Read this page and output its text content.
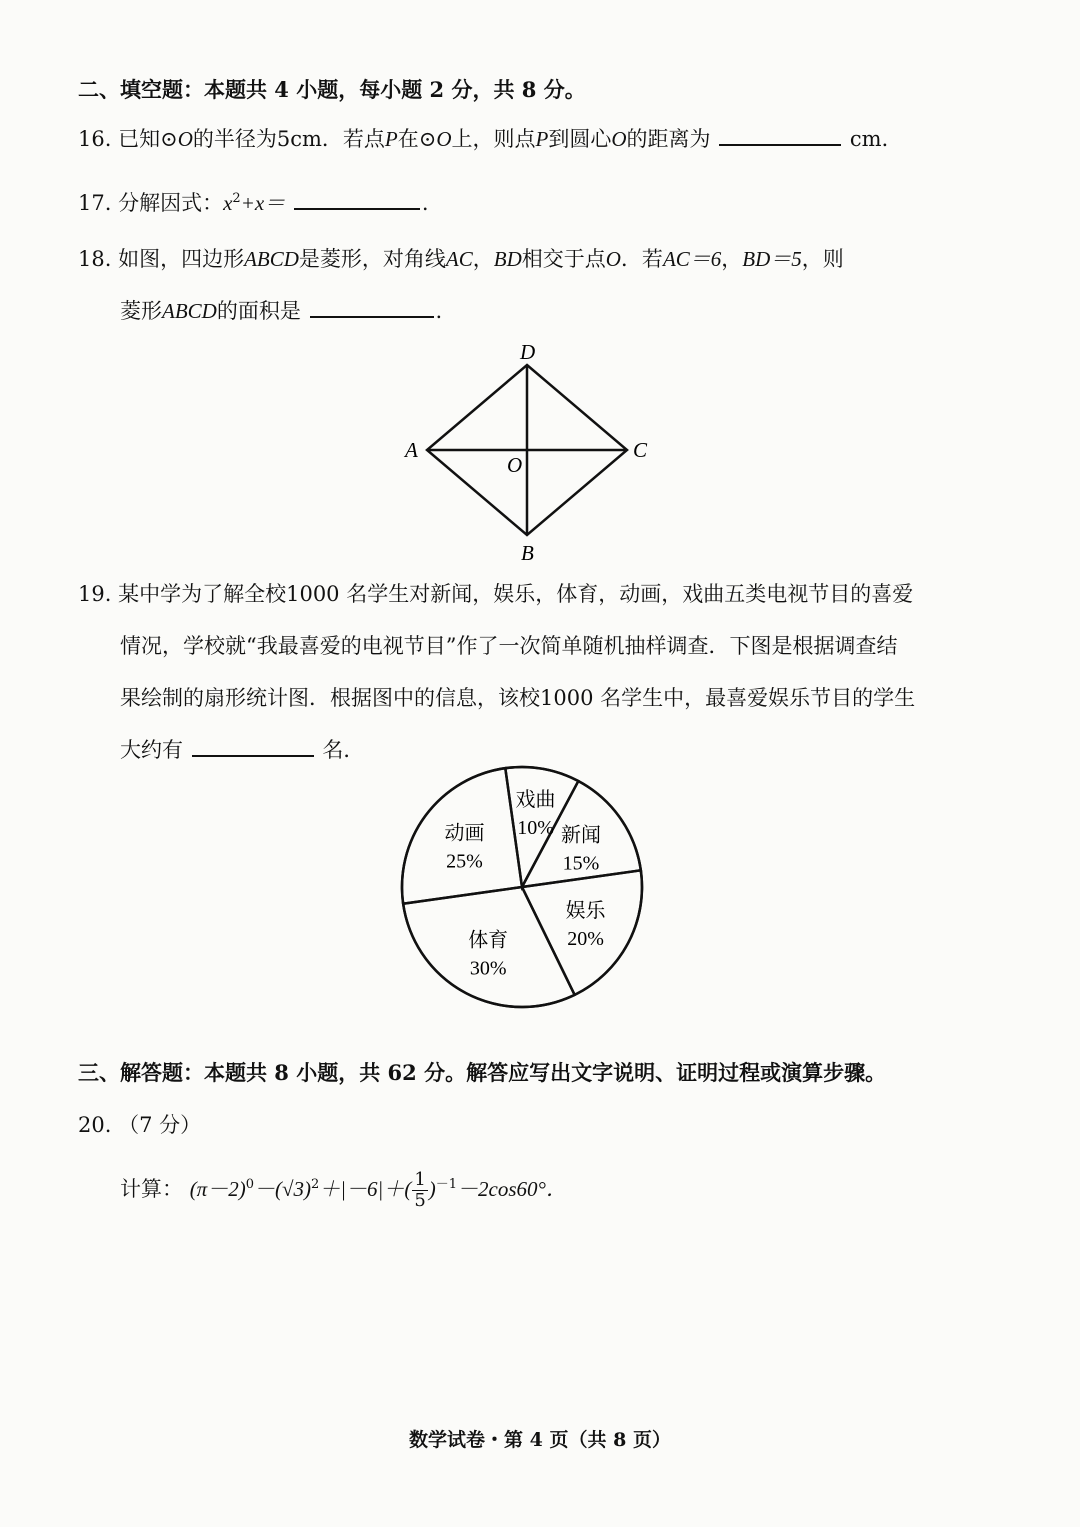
二、填空题：本题共 4 小题，每小题 2 分，共 8 分。
16. 已知⊙O的半径为5cm．若点P在⊙O上，则点P到圆心O的距离为	cm．
17. 分解因式：$x^2+x=$	.
18. 如图，四边形ABCD是菱形，对角线AC，BD相交于点O．若AC＝6，BD＝5，则
菱形ABCD的面积是	.
D
A	C
B
O
19. 某中学为了解全校1000 名学生对新闻，娱乐，体育，动画，戏曲五类电视节目的喜爱
情况，学校就“我最喜爱的电视节目”作了一次简单随机抽样调查．下图是根据调查结
果绘制的扇形统计图．根据图中的信息，该校1000 名学生中，最喜爱娱乐节目的学生
大约有	名．
新闻
15%
娱乐
20%
体育
30%
动画
25%
戏曲
10%
三、解答题：本题共 8 小题，共 62 分。解答应写出文字说明、证明过程或演算步骤。
20. （7 分）
计算： $(\pi-2)^0-(√3)^2+|-6|+( \frac{1}{5} )^{-1}-2\cos 60^\circ$．
数学试卷・第 4 页（共 8 页）
